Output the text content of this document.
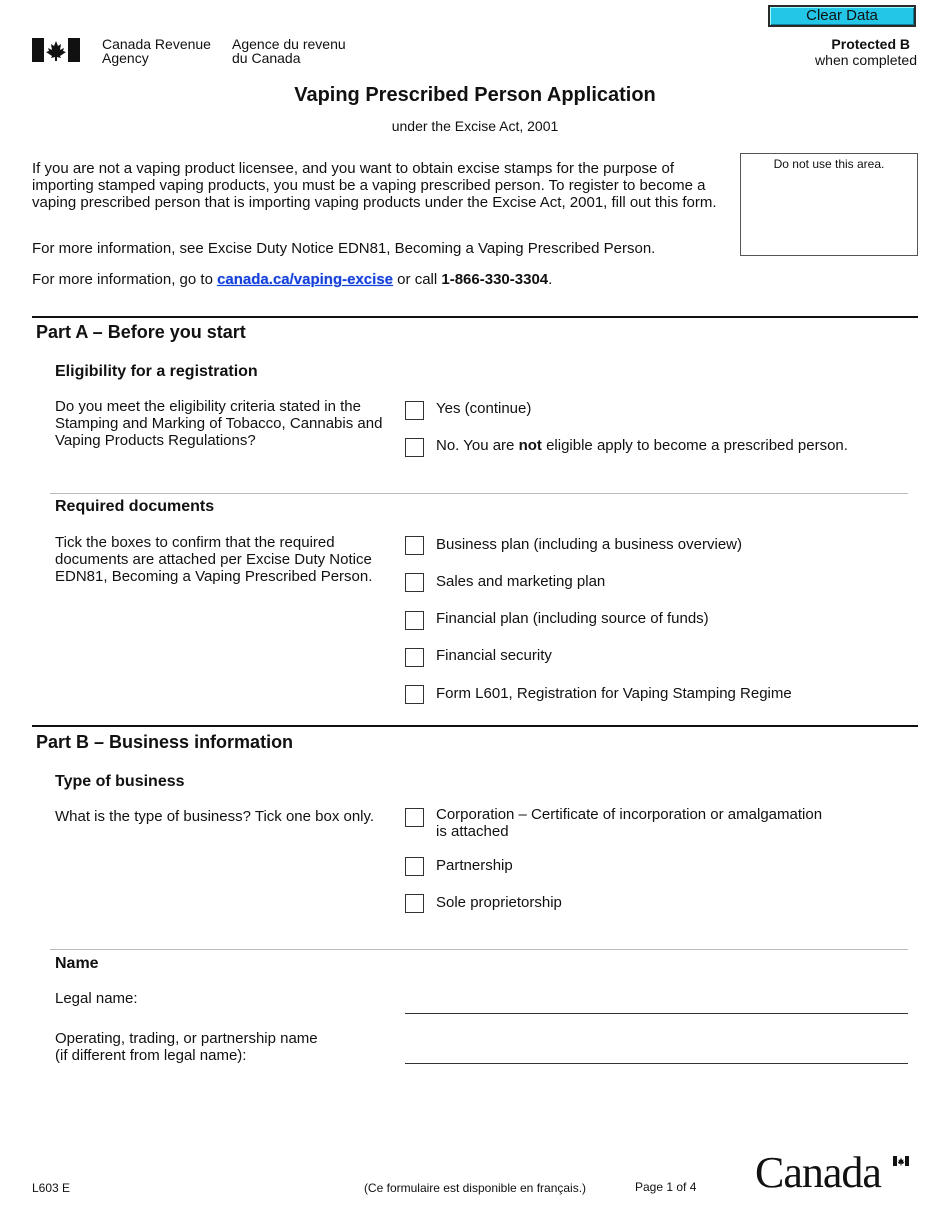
Canada Revenue
Agency
Agence du revenu
du Canada
Clear Data
Protected B
when completed
Vaping Prescribed Person Application
under the Excise Act, 2001
If you are not a vaping product licensee, and you want to obtain excise stamps for the purpose of importing stamped vaping products, you must be a vaping prescribed person. To register to become a vaping prescribed person that is importing vaping products under the Excise Act, 2001, fill out this form.
For more information, see Excise Duty Notice EDN81, Becoming a Vaping Prescribed Person.
For more information, go to canada.ca/vaping-excise or call 1-866-330-3304.
Do not use this area.
Part A – Before you start
Eligibility for a registration
Do you meet the eligibility criteria stated in the Stamping and Marking of Tobacco, Cannabis and Vaping Products Regulations?
Yes (continue)
No. You are not eligible apply to become a prescribed person.
Required documents
Tick the boxes to confirm that the required documents are attached per Excise Duty Notice EDN81, Becoming a Vaping Prescribed Person.
Business plan (including a business overview)
Sales and marketing plan
Financial plan (including source of funds)
Financial security
Form L601, Registration for Vaping Stamping Regime
Part B – Business information
Type of business
What is the type of business? Tick one box only.	Corporation – Certificate of incorporation or amalgamation
is attached
Partnership
Sole proprietorship
Name
Legal name:
Operating, trading, or partnership name
(if different from legal name):
L603 E	(Ce formulaire est disponible en français.)	Page 1 of 4 Canada
